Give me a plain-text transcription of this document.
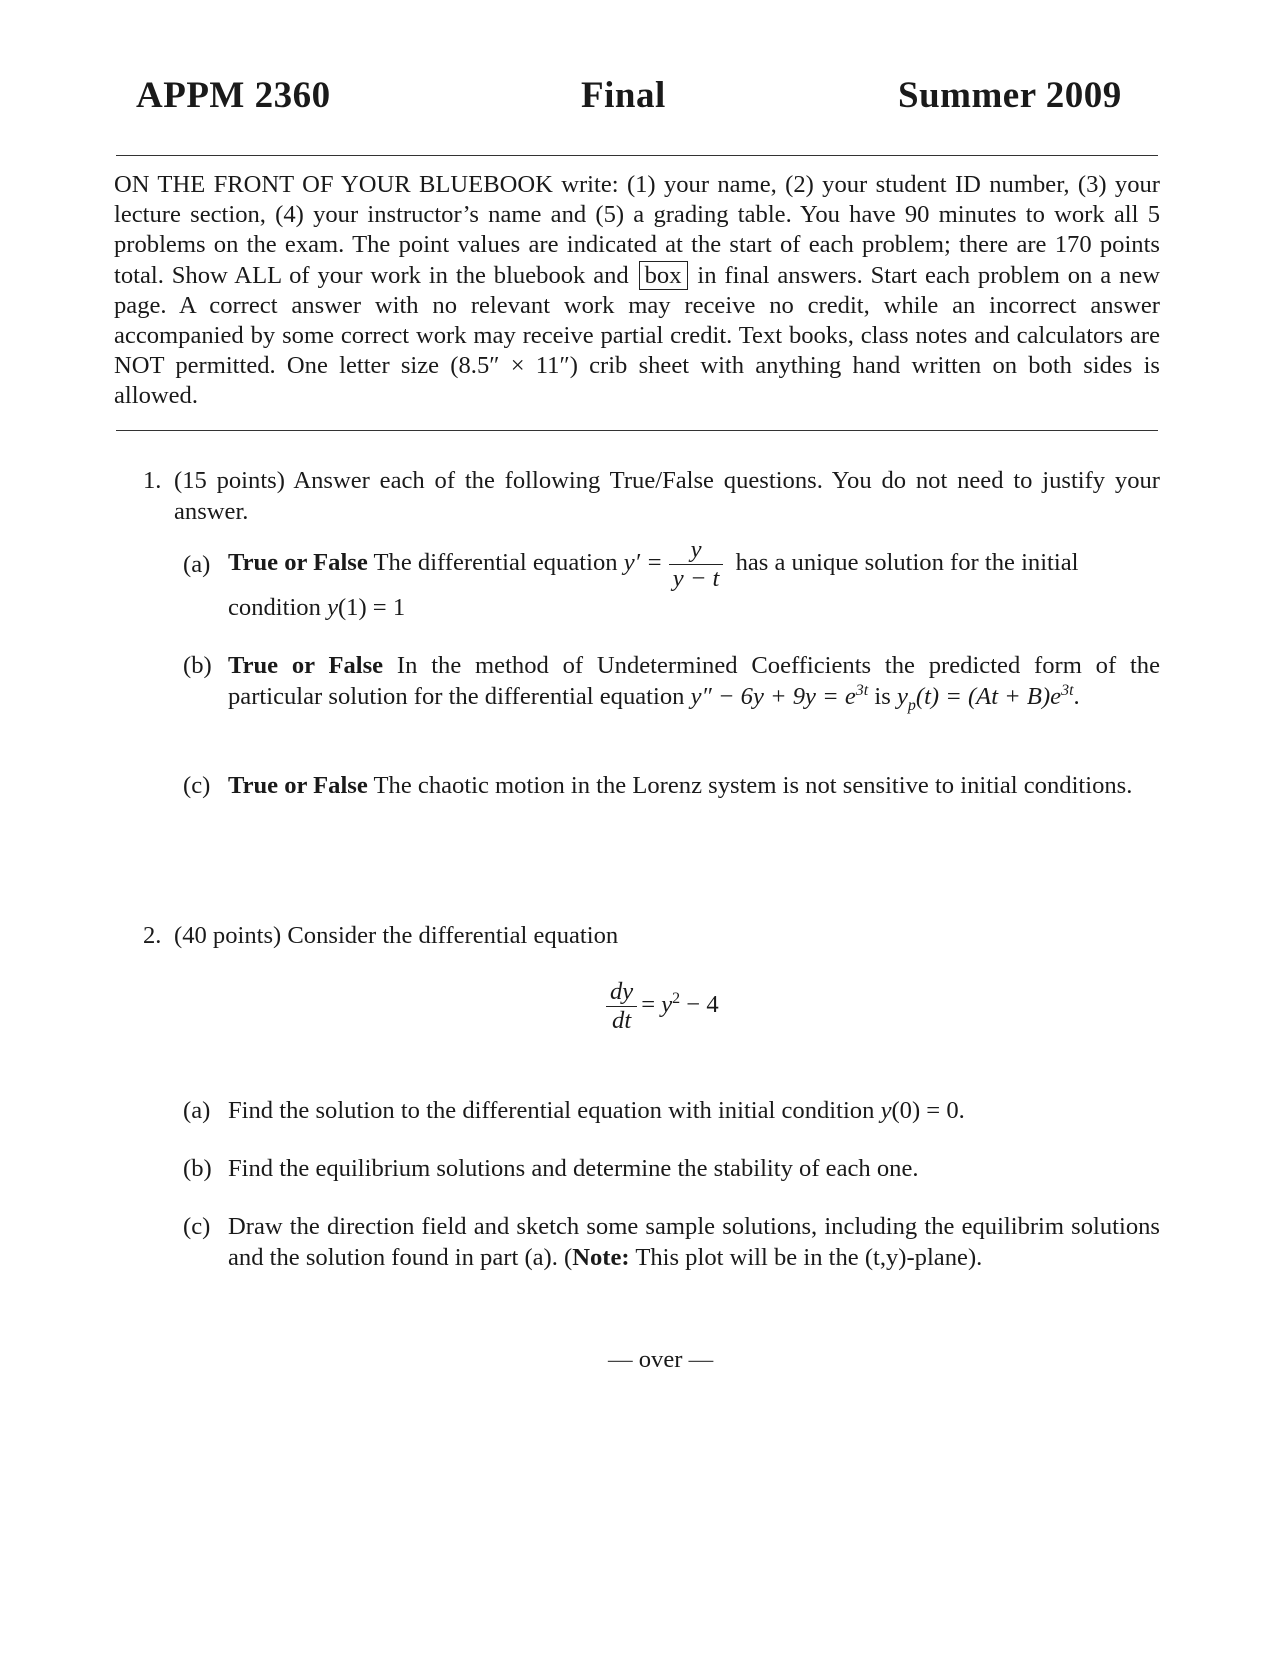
APPM 2360	Final	Summer 2009
ON THE FRONT OF YOUR BLUEBOOK write: (1) your name, (2) your student ID number, (3) your lecture section, (4) your instructor’s name and (5) a grading table. You have 90 minutes to work all 5 problems on the exam. The point values are indicated at the start of each problem; there are 170 points total. Show ALL of your work in the bluebook and box in final answers. Start each problem on a new page. A correct answer with no relevant work may receive no credit, while an incorrect answer accompanied by some correct work may receive partial credit. Text books, class notes and calculators are NOT permitted. One letter size (8.5″ × 11″) crib sheet with anything hand written on both sides is allowed.
1. (15 points) Answer each of the following True/False questions. You do not need to justify your answer.
(a) True or False The differential equation $y' = \frac{y}{y - t}$ has a unique solution for the initial
condition y(1) = 1
(b) True or False In the method of Undetermined Coefficients the predicted form of the
particular solution for the differential equation $y'' - 6y + 9y = e^{3t}$ is $y_p(t) = (At + B)e^{3t}$.
(c) True or False The chaotic motion in the Lorenz system is not sensitive to initial conditions.
2. (40 points) Consider the differential equation
$\frac{dy}{dt} = y^2 - 4$
(a) Find the solution to the differential equation with initial condition y(0) = 0.
(b) Find the equilibrium solutions and determine the stability of each one.
(c) Draw the direction field and sketch some sample solutions, including the equilibrim solutions and the solution found in part (a). (Note: This plot will be in the (t,y)-plane).
— over —
